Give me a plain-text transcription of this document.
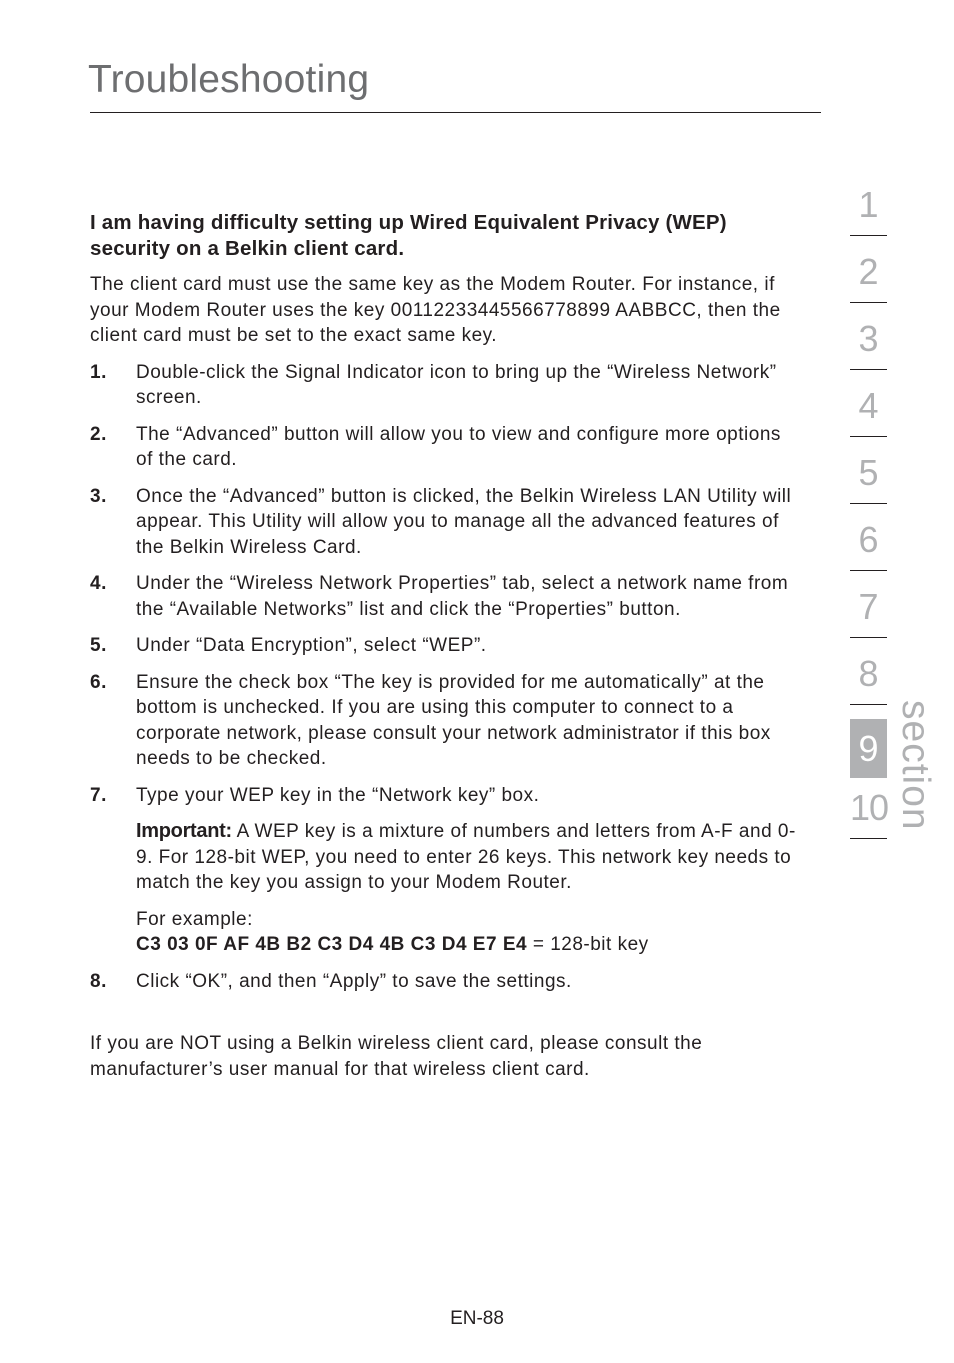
Troubleshooting

I am having difficulty setting up Wired Equivalent Privacy (WEP) security on a Belkin client card.

The client card must use the same key as the Modem Router. For instance, if your Modem Router uses the key 00112233445566778899 AABBCC, then the client card must be set to the exact same key.

1. Double-click the Signal Indicator icon to bring up the “Wireless Network” screen.
2. The “Advanced” button will allow you to view and configure more options of the card.
3. Once the “Advanced” button is clicked, the Belkin Wireless LAN Utility will appear. This Utility will allow you to manage all the advanced features of the Belkin Wireless Card.
4. Under the “Wireless Network Properties” tab, select a network name from the “Available Networks” list and click the “Properties” button.
5. Under “Data Encryption”, select “WEP”.
6. Ensure the check box “The key is provided for me automatically” at the bottom is unchecked. If you are using this computer to connect to a corporate network, please consult your network administrator if this box needs to be checked.
7. Type your WEP key in the “Network key” box.
Important: A WEP key is a mixture of numbers and letters from A-F and 0-9. For 128-bit WEP, you need to enter 26 keys. This network key needs to match the key you assign to your Modem Router.
For example:
C3 03 0F AF 4B B2 C3 D4 4B C3 D4 E7 E4 = 128-bit key
8. Click “OK”, and then “Apply” to save the settings.

If you are NOT using a Belkin wireless client card, please consult the manufacturer’s user manual for that wireless client card.

1
2
3
4
5
6
7
8
9
10 section
EN-88
